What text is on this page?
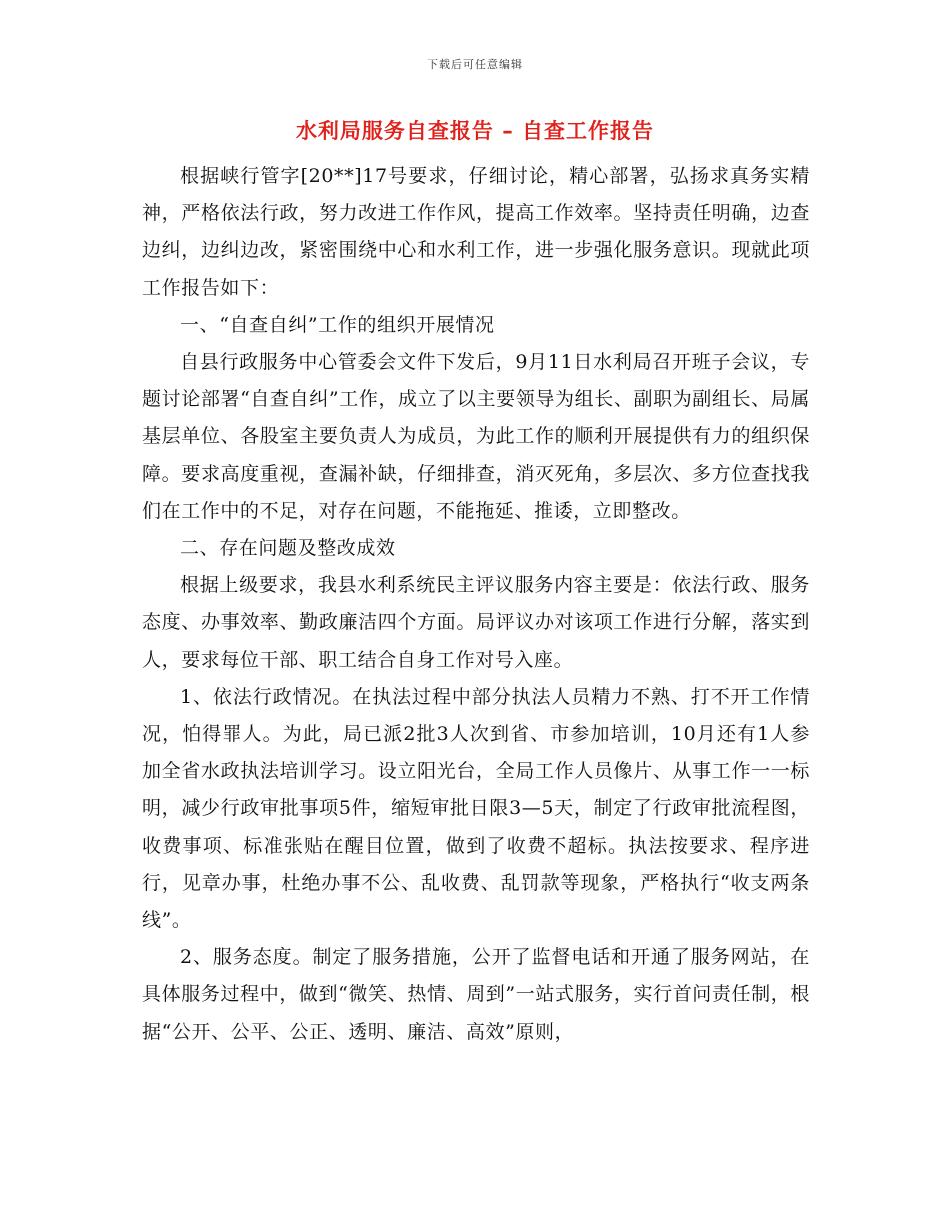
下载后可任意编辑
水利局服务自查报告 – 自查工作报告

根据峡行管字[20**]17号要求，仔细讨论，精心部署，弘扬求真务实精神，严格依法行政，努力改进工作作风，提高工作效率。坚持责任明确，边查边纠，边纠边改，紧密围绕中心和水利工作，进一步强化服务意识。现就此项工作报告如下：

一、“自查自纠”工作的组织开展情况

自县行政服务中心管委会文件下发后，9月11日水利局召开班子会议，专题讨论部署“自查自纠”工作，成立了以主要领导为组长、副职为副组长、局属基层单位、各股室主要负责人为成员，为此工作的顺利开展提供有力的组织保障。要求高度重视，查漏补缺，仔细排查，消灭死角，多层次、多方位查找我们在工作中的不足，对存在问题，不能拖延、推诿，立即整改。

二、存在问题及整改成效

根据上级要求，我县水利系统民主评议服务内容主要是：依法行政、服务态度、办事效率、勤政廉洁四个方面。局评议办对该项工作进行分解，落实到人，要求每位干部、职工结合自身工作对号入座。

1、依法行政情况。在执法过程中部分执法人员精力不熟、打不开工作情况，怕得罪人。为此，局已派2批3人次到省、市参加培训，10月还有1人参加全省水政执法培训学习。设立阳光台，全局工作人员像片、从事工作一一标明，减少行政审批事项5件，缩短审批日限3—5天，制定了行政审批流程图，收费事项、标准张贴在醒目位置，做到了收费不超标。执法按要求、程序进行，见章办事，杜绝办事不公、乱收费、乱罚款等现象，严格执行“收支两条线”。

2、服务态度。制定了服务措施，公开了监督电话和开通了服务网站，在具体服务过程中，做到“微笑、热情、周到”一站式服务，实行首问责任制，根据“公开、公平、公正、透明、廉洁、高效”原则，
